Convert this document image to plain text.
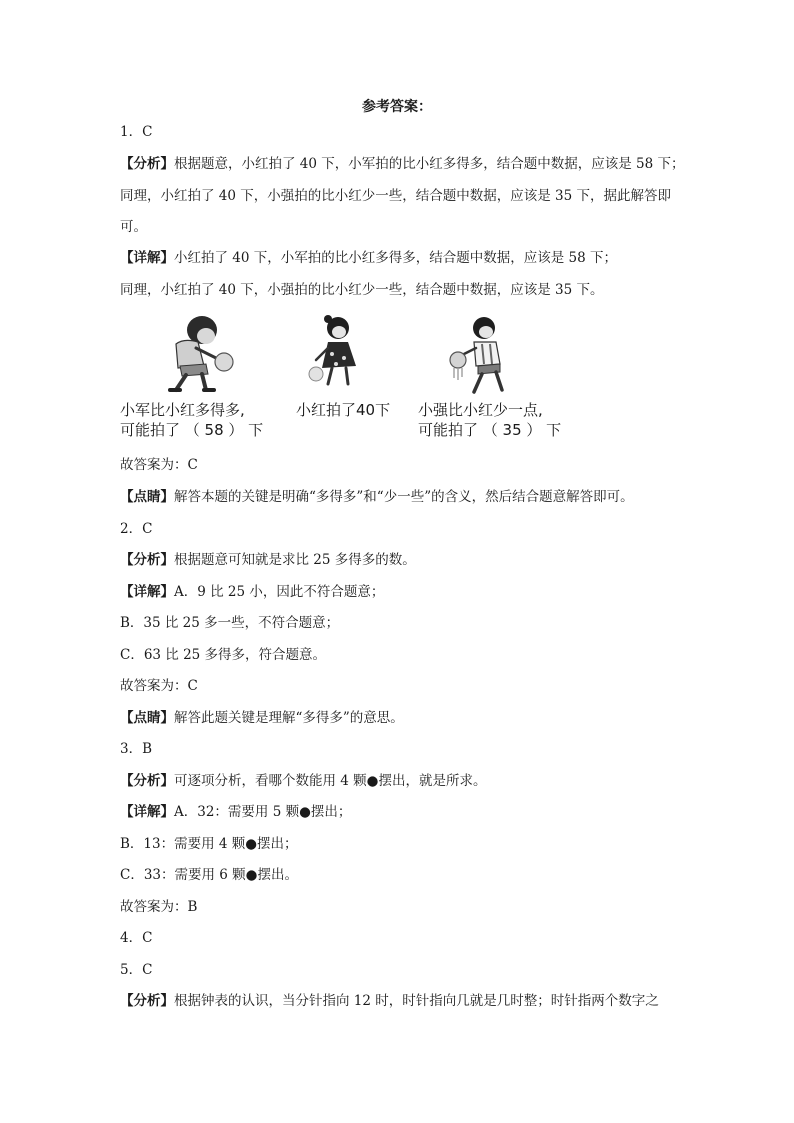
参考答案：
1．C
【分析】根据题意，小红拍了 40 下，小军拍的比小红多得多，结合题中数据，应该是 58 下；
同理，小红拍了 40 下，小强拍的比小红少一些，结合题中数据，应该是 35 下，据此解答即
可。
【详解】小红拍了 40 下，小军拍的比小红多得多，结合题中数据，应该是 58 下；
同理，小红拍了 40 下，小强拍的比小红少一些，结合题中数据，应该是 35 下。
小军比小红多得多,
可能拍了 （ 58 ） 下
小红拍了40下 小强比小红少一点,
可能拍了 （ 35 ） 下
故答案为：C
【点睛】解答本题的关键是明确“多得多”和“少一些”的含义，然后结合题意解答即可。
2．C
【分析】根据题意可知就是求比 25 多得多的数。
【详解】A．9 比 25 小，因此不符合题意；
B．35 比 25 多一些，不符合题意；
C．63 比 25 多得多，符合题意。
故答案为：C
【点睛】解答此题关键是理解“多得多”的意思。
3．B
【分析】可逐项分析，看哪个数能用 4 颗●摆出，就是所求。
【详解】A．32：需要用 5 颗●摆出；
B．13：需要用 4 颗●摆出；
C．33：需要用 6 颗●摆出。
故答案为：B
4．C
5．C
【分析】根据钟表的认识，当分针指向 12 时，时针指向几就是几时整；时针指两个数字之
